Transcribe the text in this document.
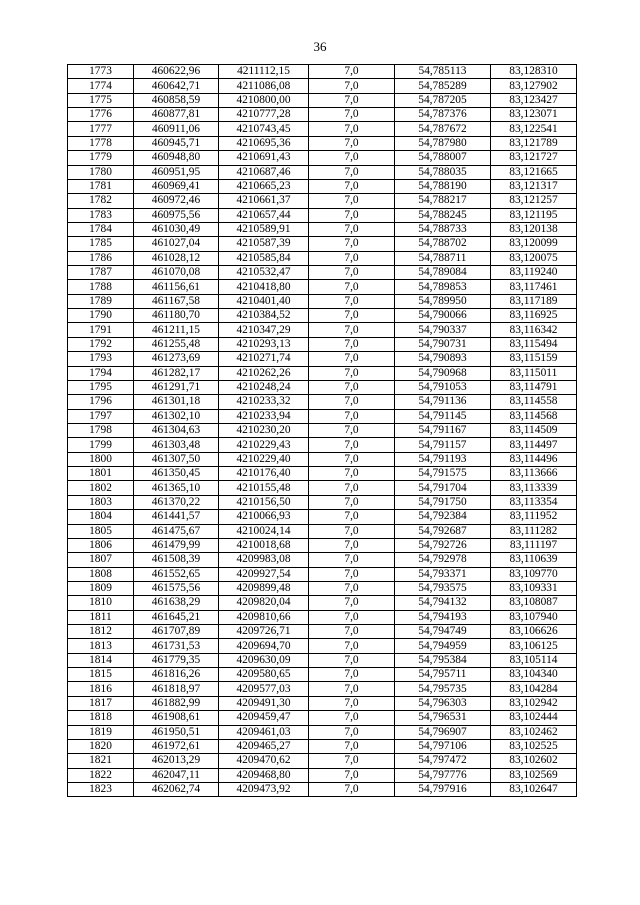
36
1773	460622,96	4211112,15	7,0	54,785113	83,128310
1774	460642,71	4211086,08	7,0	54,785289	83,127902
1775	460858,59	4210800,00	7,0	54,787205	83,123427
1776	460877,81	4210777,28	7,0	54,787376	83,123071
1777	460911,06	4210743,45	7,0	54,787672	83,122541
1778	460945,71	4210695,36	7,0	54,787980	83,121789
1779	460948,80	4210691,43	7,0	54,788007	83,121727
1780	460951,95	4210687,46	7,0	54,788035	83,121665
1781	460969,41	4210665,23	7,0	54,788190	83,121317
1782	460972,46	4210661,37	7,0	54,788217	83,121257
1783	460975,56	4210657,44	7,0	54,788245	83,121195
1784	461030,49	4210589,91	7,0	54,788733	83,120138
1785	461027,04	4210587,39	7,0	54,788702	83,120099
1786	461028,12	4210585,84	7,0	54,788711	83,120075
1787	461070,08	4210532,47	7,0	54,789084	83,119240
1788	461156,61	4210418,80	7,0	54,789853	83,117461
1789	461167,58	4210401,40	7,0	54,789950	83,117189
1790	461180,70	4210384,52	7,0	54,790066	83,116925
1791	461211,15	4210347,29	7,0	54,790337	83,116342
1792	461255,48	4210293,13	7,0	54,790731	83,115494
1793	461273,69	4210271,74	7,0	54,790893	83,115159
1794	461282,17	4210262,26	7,0	54,790968	83,115011
1795	461291,71	4210248,24	7,0	54,791053	83,114791
1796	461301,18	4210233,32	7,0	54,791136	83,114558
1797	461302,10	4210233,94	7,0	54,791145	83,114568
1798	461304,63	4210230,20	7,0	54,791167	83,114509
1799	461303,48	4210229,43	7,0	54,791157	83,114497
1800	461307,50	4210229,40	7,0	54,791193	83,114496
1801	461350,45	4210176,40	7,0	54,791575	83,113666
1802	461365,10	4210155,48	7,0	54,791704	83,113339
1803	461370,22	4210156,50	7,0	54,791750	83,113354
1804	461441,57	4210066,93	7,0	54,792384	83,111952
1805	461475,67	4210024,14	7,0	54,792687	83,111282
1806	461479,99	4210018,68	7,0	54,792726	83,111197
1807	461508,39	4209983,08	7,0	54,792978	83,110639
1808	461552,65	4209927,54	7,0	54,793371	83,109770
1809	461575,56	4209899,48	7,0	54,793575	83,109331
1810	461638,29	4209820,04	7,0	54,794132	83,108087
1811	461645,21	4209810,66	7,0	54,794193	83,107940
1812	461707,89	4209726,71	7,0	54,794749	83,106626
1813	461731,53	4209694,70	7,0	54,794959	83,106125
1814	461779,35	4209630,09	7,0	54,795384	83,105114
1815	461816,26	4209580,65	7,0	54,795711	83,104340
1816	461818,97	4209577,03	7,0	54,795735	83,104284
1817	461882,99	4209491,30	7,0	54,796303	83,102942
1818	461908,61	4209459,47	7,0	54,796531	83,102444
1819	461950,51	4209461,03	7,0	54,796907	83,102462
1820	461972,61	4209465,27	7,0	54,797106	83,102525
1821	462013,29	4209470,62	7,0	54,797472	83,102602
1822	462047,11	4209468,80	7,0	54,797776	83,102569
1823	462062,74	4209473,92	7,0	54,797916	83,102647
